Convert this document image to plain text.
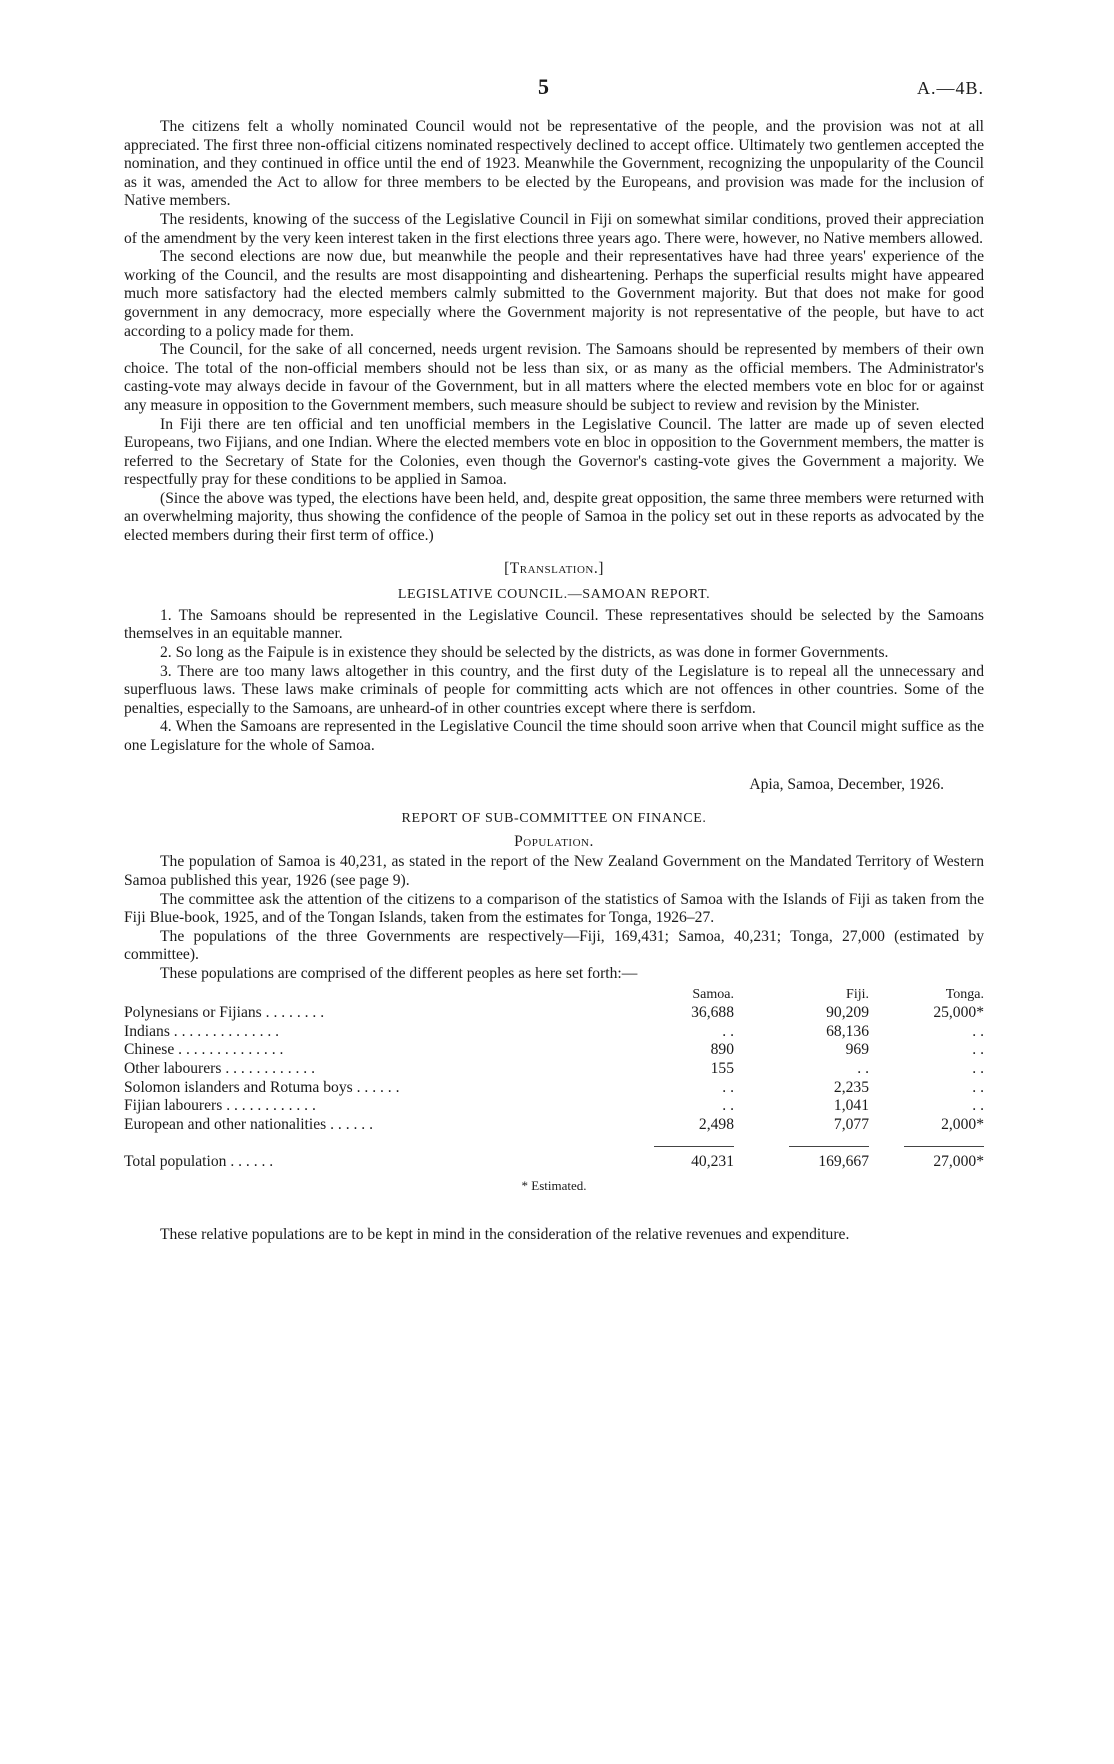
5	A.—4B.

The citizens felt a wholly nominated Council would not be representative of the people, and the provision was not at all appreciated. The first three non-official citizens nominated respectively declined to accept office. Ultimately two gentlemen accepted the nomination, and they continued in office until the end of 1923. Meanwhile the Government, recognizing the unpopularity of the Council as it was, amended the Act to allow for three members to be elected by the Europeans, and provision was made for the inclusion of Native members.

The residents, knowing of the success of the Legislative Council in Fiji on somewhat similar conditions, proved their appreciation of the amendment by the very keen interest taken in the first elections three years ago. There were, however, no Native members allowed.

The second elections are now due, but meanwhile the people and their representatives have had three years' experience of the working of the Council, and the results are most disappointing and disheartening. Perhaps the superficial results might have appeared much more satisfactory had the elected members calmly submitted to the Government majority. But that does not make for good government in any democracy, more especially where the Government majority is not representative of the people, but have to act according to a policy made for them.

The Council, for the sake of all concerned, needs urgent revision. The Samoans should be represented by members of their own choice. The total of the non-official members should not be less than six, or as many as the official members. The Administrator's casting-vote may always decide in favour of the Government, but in all matters where the elected members vote en bloc for or against any measure in opposition to the Government members, such measure should be subject to review and revision by the Minister.

In Fiji there are ten official and ten unofficial members in the Legislative Council. The latter are made up of seven elected Europeans, two Fijians, and one Indian. Where the elected members vote en bloc in opposition to the Government members, the matter is referred to the Secretary of State for the Colonies, even though the Governor's casting-vote gives the Government a majority. We respectfully pray for these conditions to be applied in Samoa.

(Since the above was typed, the elections have been held, and, despite great opposition, the same three members were returned with an overwhelming majority, thus showing the confidence of the people of Samoa in the policy set out in these reports as advocated by the elected members during their first term of office.)

[Translation.]

LEGISLATIVE COUNCIL.—SAMOAN REPORT.

1. The Samoans should be represented in the Legislative Council. These representatives should be selected by the Samoans themselves in an equitable manner.

2. So long as the Faipule is in existence they should be selected by the districts, as was done in former Governments.

3. There are too many laws altogether in this country, and the first duty of the Legislature is to repeal all the unnecessary and superfluous laws. These laws make criminals of people for committing acts which are not offences in other countries. Some of the penalties, especially to the Samoans, are unheard-of in other countries except where there is serfdom.

4. When the Samoans are represented in the Legislative Council the time should soon arrive when that Council might suffice as the one Legislature for the whole of Samoa.

Apia, Samoa, December, 1926.

REPORT OF SUB-COMMITTEE ON FINANCE.

Population.

The population of Samoa is 40,231, as stated in the report of the New Zealand Government on the Mandated Territory of Western Samoa published this year, 1926 (see page 9).

The committee ask the attention of the citizens to a comparison of the statistics of Samoa with the Islands of Fiji as taken from the Fiji Blue-book, 1925, and of the Tongan Islands, taken from the estimates for Tonga, 1926–27.

The populations of the three Governments are respectively—Fiji, 169,431; Samoa, 40,231; Tonga, 27,000 (estimated by committee).

These populations are comprised of the different peoples as here set forth:—

	Samoa.	Fiji.	Tonga.
Polynesians or Fijians . . . . . . . .	36,688	90,209	25,000*
Indians . . . . . . . . . . . . . .	. .	68,136	. .
Chinese . . . . . . . . . . . . . .	890	969	. .
Other labourers . . . . . . . . . . . .	155	. .	. .
Solomon islanders and Rotuma boys . . . . . .	. .	2,235	. .
Fijian labourers . . . . . . . . . . . .	. .	1,041	. .
European and other nationalities . . . . . .	2,498	7,077	2,000*

Total population . . . . . .	40,231	169,667	27,000*

* Estimated.

These relative populations are to be kept in mind in the consideration of the relative revenues and expenditure.
